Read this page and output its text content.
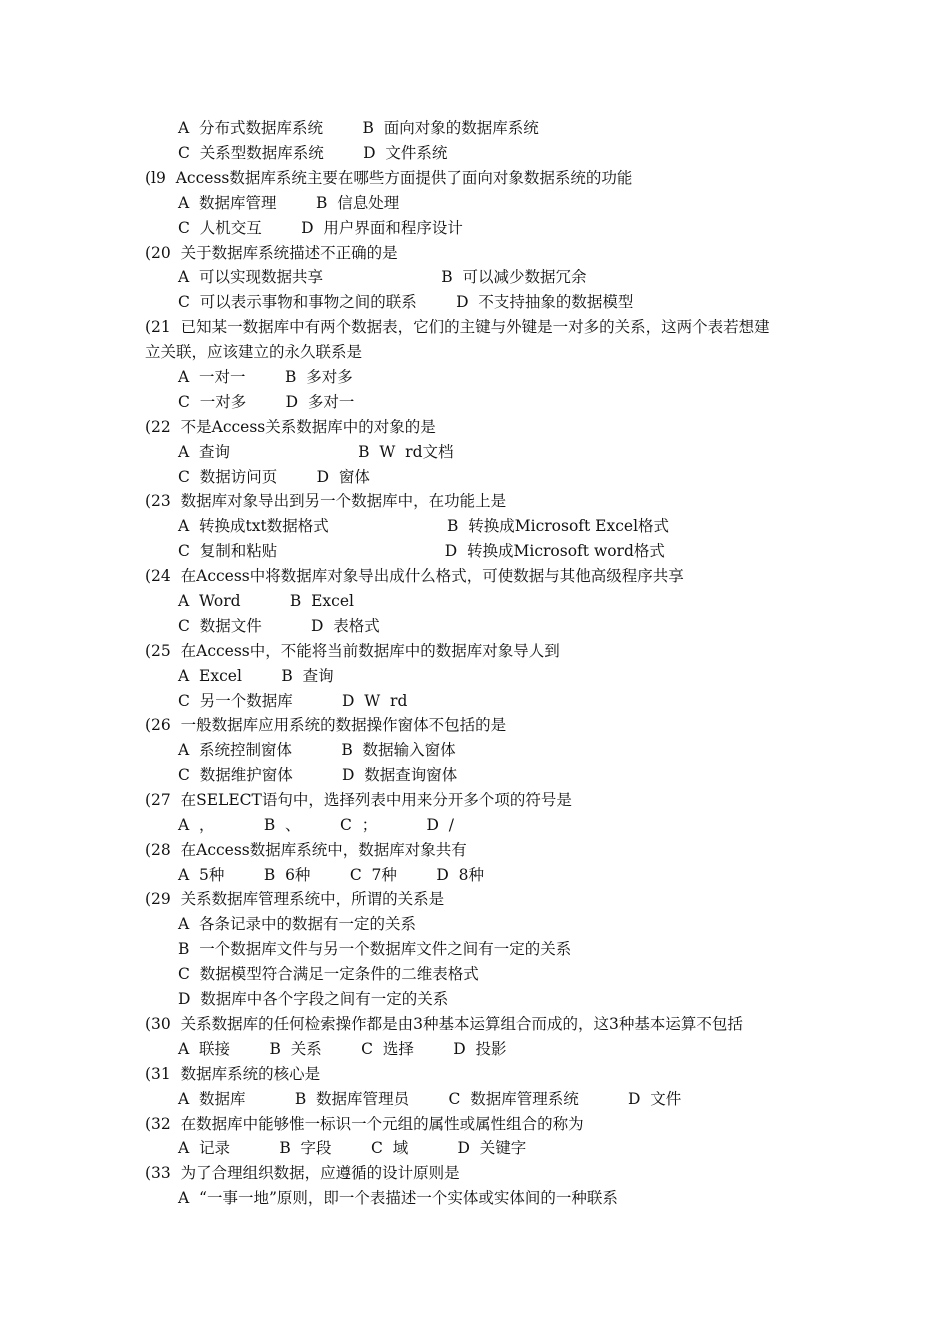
A  分布式数据库系统        B  面向对象的数据库系统
C  关系型数据库系统        D  文件系统
(l9  Access数据库系统主要在哪些方面提供了面向对象数据系统的功能
A  数据库管理        B  信息处理
C  人机交互        D  用户界面和程序设计
(20  关于数据库系统描述不正确的是
A  可以实现数据共享                        B  可以减少数据冗余
C  可以表示事物和事物之间的联系        D  不支持抽象的数据模型
(21  已知某一数据库中有两个数据表，它们的主键与外键是一对多的关系，这两个表若想建
立关联，应该建立的永久联系是
A  一对一        B  多对多
C  一对多        D  多对一
(22  不是Access关系数据库中的对象的是
A  查询                          B  W  rd文档
C  数据访问页        D  窗体
(23  数据库对象导出到另一个数据库中，在功能上是
A  转换成txt数据格式                        B  转换成Microsoft Excel格式
C  复制和粘贴                                  D  转换成Microsoft word格式
(24  在Access中将数据库对象导出成什么格式，可使数据与其他高级程序共享
A  Word          B  Excel
C  数据文件          D  表格式
(25  在Access中，不能将当前数据库中的数据库对象导人到
A  Excel        B  查询
C  另一个数据库          D  W  rd
(26  一般数据库应用系统的数据操作窗体不包括的是
A  系统控制窗体          B  数据输入窗体
C  数据维护窗体          D  数据查询窗体
(27  在SELECT语句中，选择列表中用来分开多个项的符号是
A  ，          B  、        C  ；          D  /
(28  在Access数据库系统中，数据库对象共有
A  5种        B  6种        C  7种        D  8种
(29  关系数据库管理系统中，所谓的关系是
A  各条记录中的数据有一定的关系
B  一个数据库文件与另一个数据库文件之间有一定的关系
C  数据模型符合满足一定条件的二维表格式
D  数据库中各个字段之间有一定的关系
(30  关系数据库的任何检索操作都是由3种基本运算组合而成的，这3种基本运算不包括
A  联接        B  关系        C  选择        D  投影
(31  数据库系统的核心是
A  数据库          B  数据库管理员        C  数据库管理系统          D  文件
(32  在数据库中能够惟一标识一个元组的属性或属性组合的称为
A  记录          B  字段        C  域          D  关键字
(33  为了合理组织数据，应遵循的设计原则是
A  “一事一地”原则，即一个表描述一个实体或实体间的一种联系
